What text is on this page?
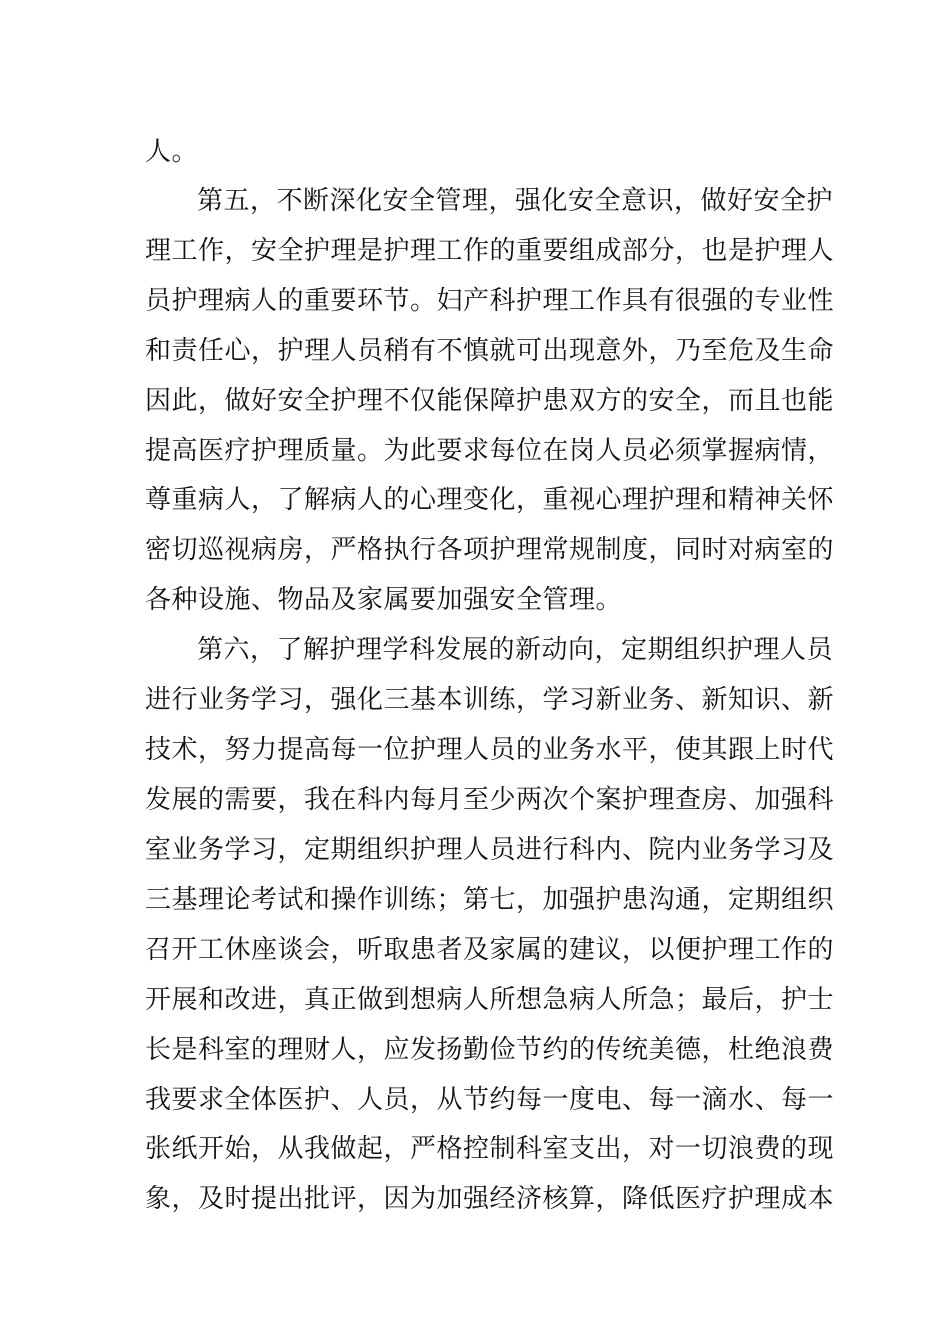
人。
第五，不断深化安全管理，强化安全意识，做好安全护
理工作，安全护理是护理工作的重要组成部分，也是护理人
员护理病人的重要环节。妇产科护理工作具有很强的专业性
和责任心，护理人员稍有不慎就可出现意外，乃至危及生命
因此，做好安全护理不仅能保障护患双方的安全，而且也能
提高医疗护理质量。为此要求每位在岗人员必须掌握病情，
尊重病人，了解病人的心理变化，重视心理护理和精神关怀
密切巡视病房，严格执行各项护理常规制度，同时对病室的
各种设施、物品及家属要加强安全管理。
第六，了解护理学科发展的新动向，定期组织护理人员
进行业务学习，强化三基本训练，学习新业务、新知识、新
技术，努力提高每一位护理人员的业务水平，使其跟上时代
发展的需要，我在科内每月至少两次个案护理查房、加强科
室业务学习，定期组织护理人员进行科内、院内业务学习及
三基理论考试和操作训练；第七，加强护患沟通，定期组织
召开工休座谈会，听取患者及家属的建议，以便护理工作的
开展和改进，真正做到想病人所想急病人所急；最后，护士
长是科室的理财人，应发扬勤俭节约的传统美德，杜绝浪费
我要求全体医护、人员，从节约每一度电、每一滴水、每一
张纸开始，从我做起，严格控制科室支出，对一切浪费的现
象，及时提出批评，因为加强经济核算，降低医疗护理成本
